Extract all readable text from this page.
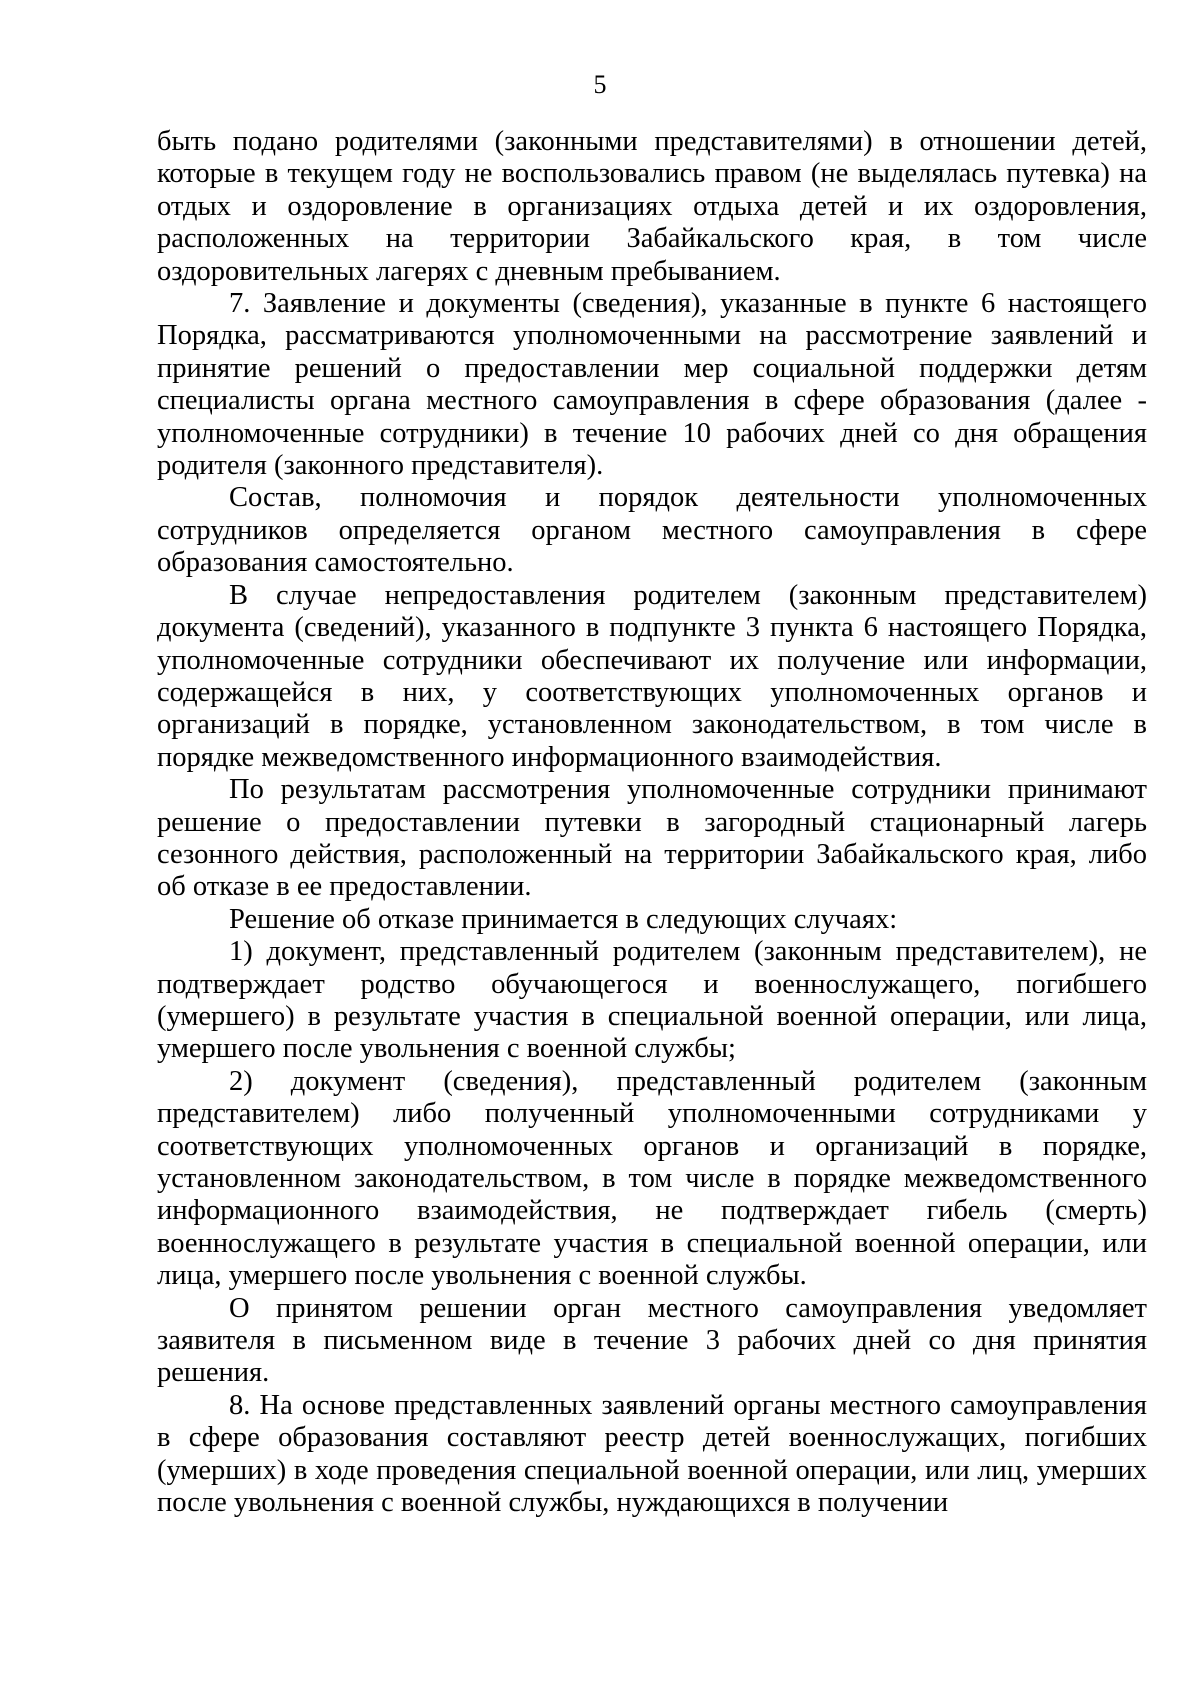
5

быть подано родителями (законными представителями) в отношении детей, которые в текущем году не воспользовались правом (не выделялась путевка) на отдых и оздоровление в организациях отдыха детей и их оздоровления, расположенных на территории Забайкальского края, в том числе оздоровительных лагерях с дневным пребыванием.

7. Заявление и документы (сведения), указанные в пункте 6 настоящего Порядка, рассматриваются уполномоченными на рассмотрение заявлений и принятие решений о предоставлении мер социальной поддержки детям специалисты органа местного самоуправления в сфере образования (далее - уполномоченные сотрудники) в течение 10 рабочих дней со дня обращения родителя (законного представителя).

Состав, полномочия и порядок деятельности уполномоченных сотрудников определяется органом местного самоуправления в сфере образования самостоятельно.

В случае непредоставления родителем (законным представителем) документа (сведений), указанного в подпункте 3 пункта 6 настоящего Порядка, уполномоченные сотрудники обеспечивают их получение или информации, содержащейся в них, у соответствующих уполномоченных органов и организаций в порядке, установленном законодательством, в том числе в порядке межведомственного информационного взаимодействия.

По результатам рассмотрения уполномоченные сотрудники принимают решение о предоставлении путевки в загородный стационарный лагерь сезонного действия, расположенный на территории Забайкальского края, либо об отказе в ее предоставлении.

Решение об отказе принимается в следующих случаях:

1) документ, представленный родителем (законным представителем), не подтверждает родство обучающегося и военнослужащего, погибшего (умершего) в результате участия в специальной военной операции, или лица, умершего после увольнения с военной службы;

2) документ (сведения), представленный родителем (законным представителем) либо полученный уполномоченными сотрудниками у соответствующих уполномоченных органов и организаций в порядке, установленном законодательством, в том числе в порядке межведомственного информационного взаимодействия, не подтверждает гибель (смерть) военнослужащего в результате участия в специальной военной операции, или лица, умершего после увольнения с военной службы.

О принятом решении орган местного самоуправления уведомляет заявителя в письменном виде в течение 3 рабочих дней со дня принятия решения.

8. На основе представленных заявлений органы местного самоуправления в сфере образования составляют реестр детей военнослужащих, погибших (умерших) в ходе проведения специальной военной операции, или лиц, умерших после увольнения с военной службы, нуждающихся в получении
